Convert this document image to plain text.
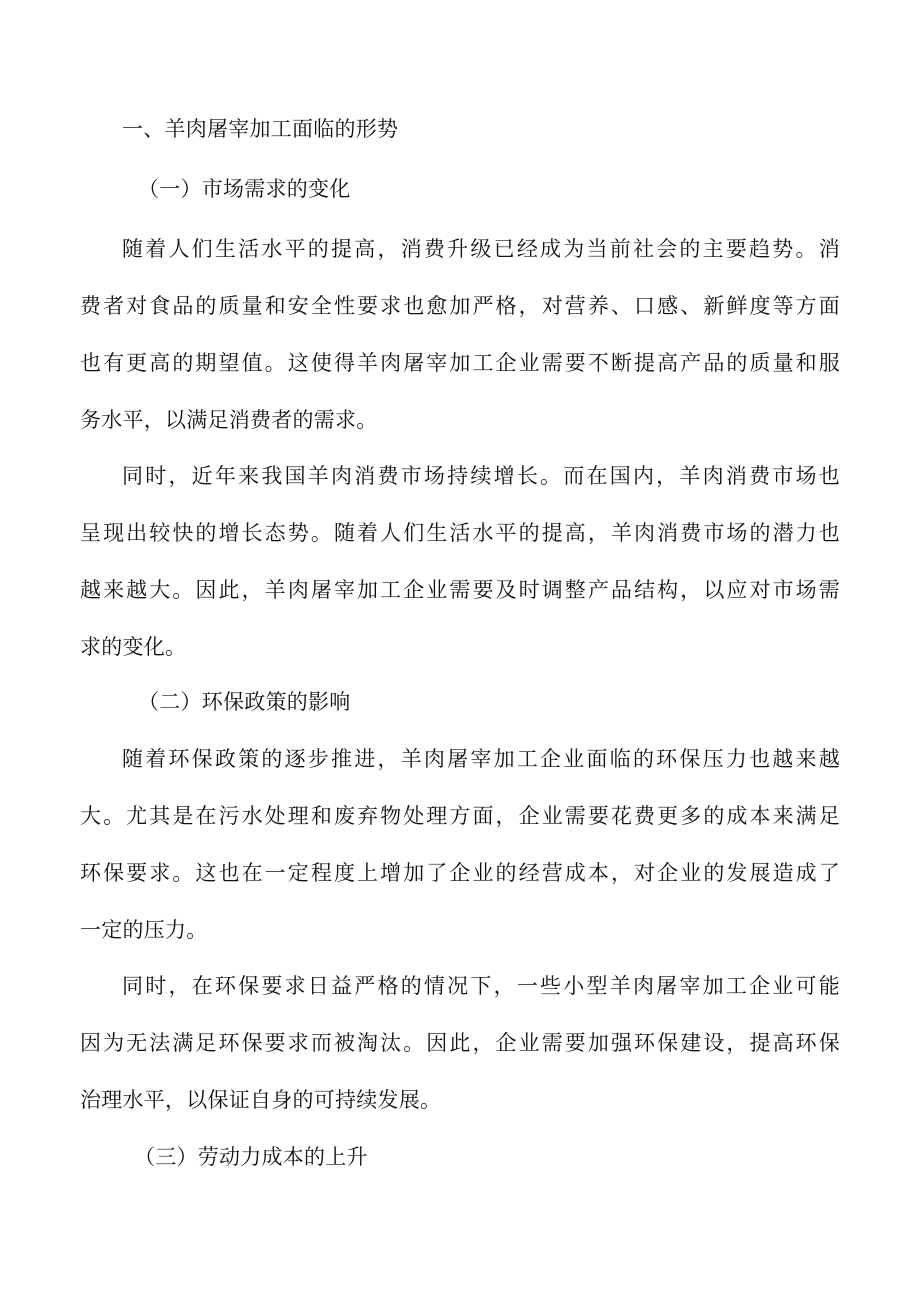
一、羊肉屠宰加工面临的形势
（一）市场需求的变化
随着人们生活水平的提高，消费升级已经成为当前社会的主要趋势。消
费者对食品的质量和安全性要求也愈加严格，对营养、口感、新鲜度等方面
也有更高的期望值。这使得羊肉屠宰加工企业需要不断提高产品的质量和服
务水平，以满足消费者的需求。
同时，近年来我国羊肉消费市场持续增长。而在国内，羊肉消费市场也
呈现出较快的增长态势。随着人们生活水平的提高，羊肉消费市场的潜力也
越来越大。因此，羊肉屠宰加工企业需要及时调整产品结构，以应对市场需
求的变化。
（二）环保政策的影响
随着环保政策的逐步推进，羊肉屠宰加工企业面临的环保压力也越来越
大。尤其是在污水处理和废弃物处理方面，企业需要花费更多的成本来满足
环保要求。这也在一定程度上增加了企业的经营成本，对企业的发展造成了
一定的压力。
同时，在环保要求日益严格的情况下，一些小型羊肉屠宰加工企业可能
因为无法满足环保要求而被淘汰。因此，企业需要加强环保建设，提高环保
治理水平，以保证自身的可持续发展。
（三）劳动力成本的上升
